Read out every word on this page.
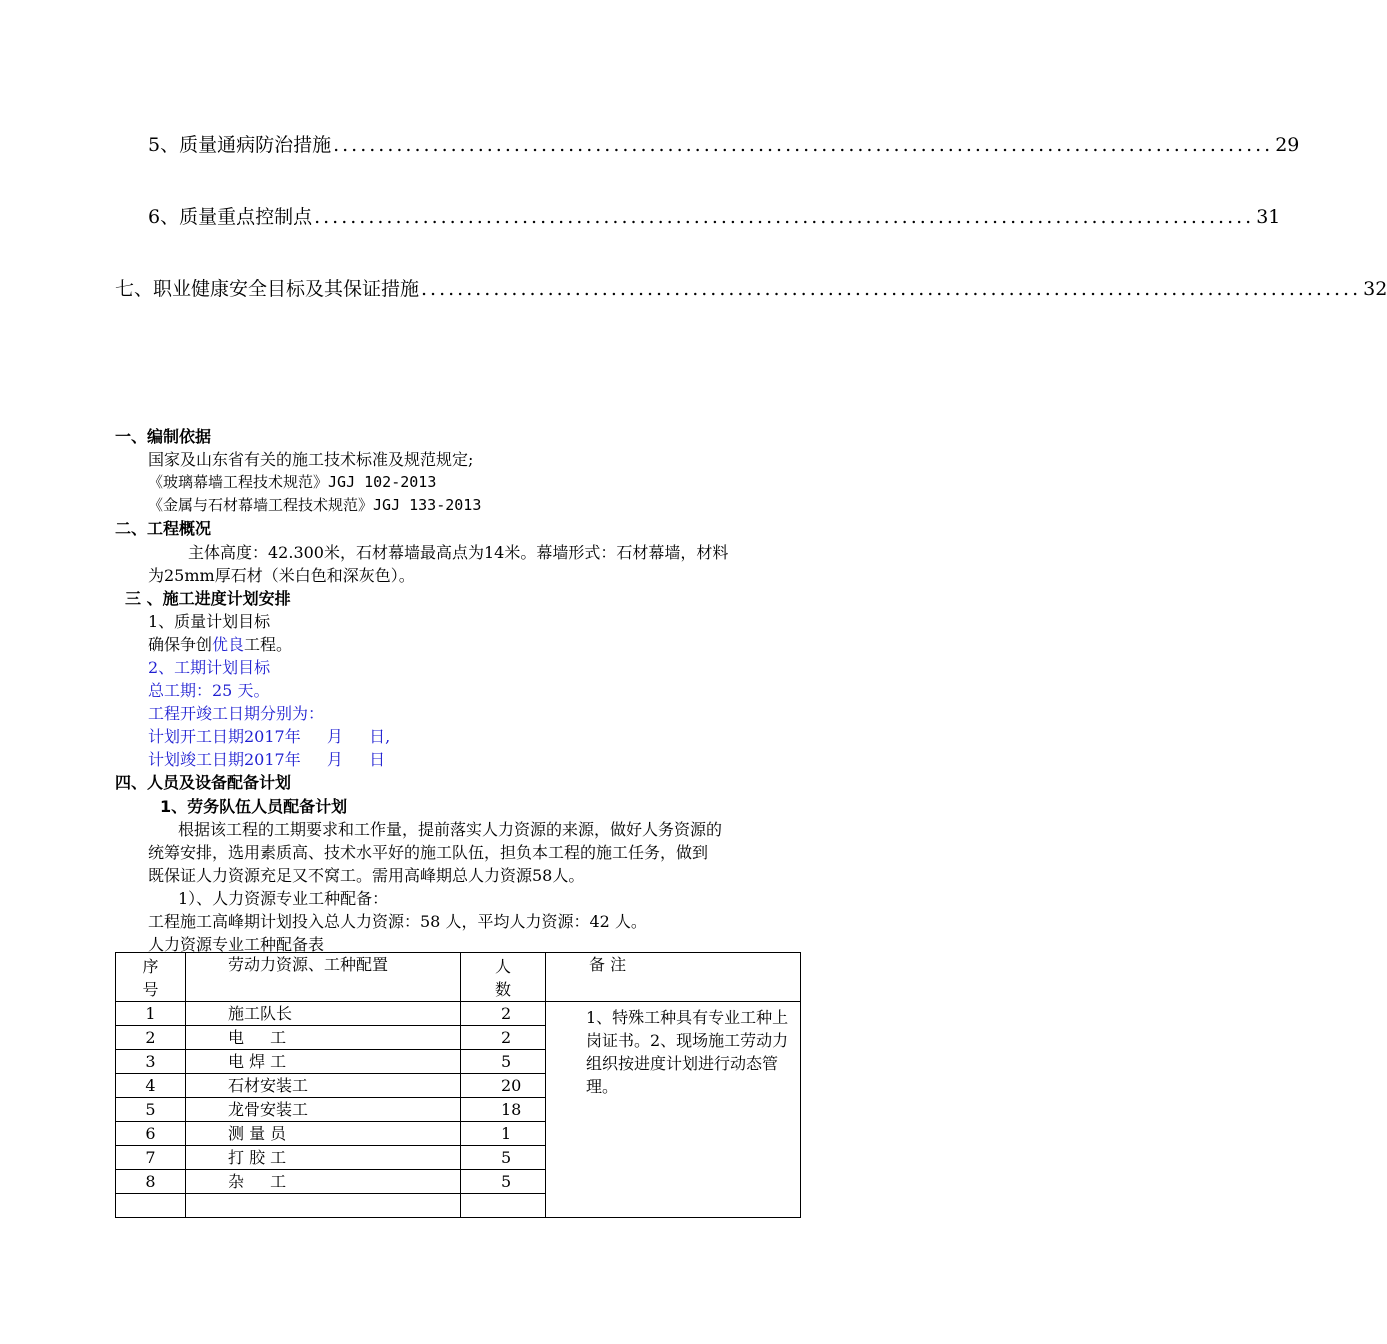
5、质量通病防治措施 ........................................................................................................ 29
6、质量重点控制点 ........................................................................................................ 31
七、职业健康安全目标及其保证措施 ........................................................................................................ 32
一、编制依据
国家及山东省有关的施工技术标准及规范规定;
《玻璃幕墙工程技术规范》JGJ 102-2013
《金属与石材幕墙工程技术规范》JGJ 133-2013
二、工程概况
主体高度：42.300米，石材幕墙最高点为14米。幕墙形式：石材幕墙，材料
为25mm厚石材（米白色和深灰色）。
三 、施工进度计划安排
1、质量计划目标
确保争创优良工程。
2、工期计划目标
总工期：25 天。
工程开竣工日期分别为：
计划开工日期2017年 　 月 　 日,
计划竣工日期2017年 　 月 　 日
四、人员及设备配备计划
1、劳务队伍人员配备计划
根据该工程的工期要求和工作量，提前落实人力资源的来源，做好人务资源的
统筹安排，选用素质高、技术水平好的施工队伍，担负本工程的施工任务，做到
既保证人力资源充足又不窝工。需用高峰期总人力资源58人。
1）、人力资源专业工种配备：
工程施工高峰期计划投入总人力资源：58 人，平均人力资源：42 人。
人力资源专业工种配备表
序号	劳动力资源、工种配置	人数	备 注
1	施工队长	2	1、特殊工种具有专业工种上岗证书。2、现场施工劳动力组织按进度计划进行动态管理。
2	电 　 工	2	
3	电 焊 工	5	
4	石材安装工	20	
5	龙骨安装工	18	
6	测 量 员	1	
7	打 胶 工	5	
8	杂 　 工	5	
